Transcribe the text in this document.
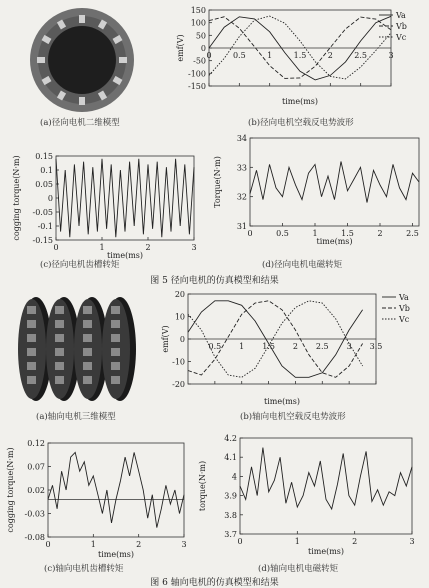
150
100
50
0
-50
-100
-150
0	0.5	1	1.5	2	2.5	3
time(ms)
emf(V)
Va
Vb
Vc
0.15
0.1
0.05
0
-0.05
-0.1
-0.15
0	1	2	3
time(ms)
cogging torque(N·m)
34
33
32
31
0	0.5	1	1.5	2	2.5
time(ms)
Torque(N·m)
(a)径向电机二维模型	(b)径向电机空载反电势波形
(c)径向电机齿槽转矩	(d)径向电机电磁转矩
图 5 径向电机的仿真模型和结果
20
10
0
-10
-20
0.5 1 1.5 2 2.5 3 3.5
time(ms)
emf(V)
Va
Vb
Vc
0.12
0.07
0.02
-0.03
-0.08
0	1	2	3
time(ms)
cogging torque(N·m)
4.2
4.1
4
3.9
3.8
3.7
0	1	2	3
time(ms)
torque(N·m)
(a)轴向电机三维模型	(b)轴向电机空载反电势波形
(c)轴向电机齿槽转矩	(d)轴向电机电磁转矩
图 6 轴向电机的仿真模型和结果
